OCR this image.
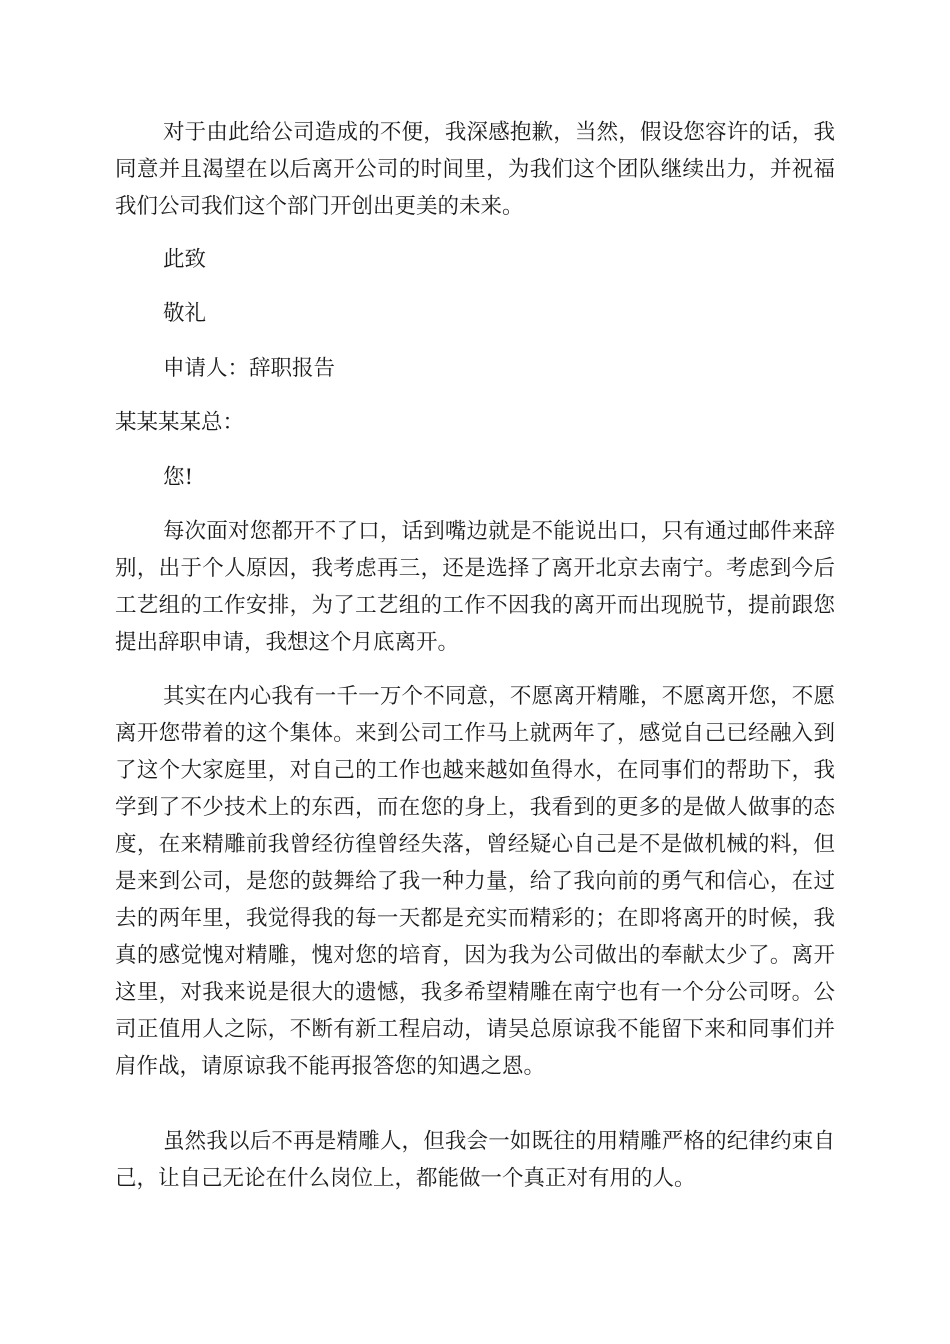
对于由此给公司造成的不便，我深感抱歉，当然，假设您容许的话，我同意并且渴望在以后离开公司的时间里，为我们这个团队继续出力，并祝福我们公司我们这个部门开创出更美的未来。

此致

敬礼

申请人：辞职报告

某某某某总：

您!

每次面对您都开不了口，话到嘴边就是不能说出口，只有通过邮件来辞别，出于个人原因，我考虑再三，还是选择了离开北京去南宁。考虑到今后工艺组的工作安排，为了工艺组的工作不因我的离开而出现脱节，提前跟您提出辞职申请，我想这个月底离开。

其实在内心我有一千一万个不同意，不愿离开精雕，不愿离开您，不愿离开您带着的这个集体。来到公司工作马上就两年了，感觉自己已经融入到了这个大家庭里，对自己的工作也越来越如鱼得水，在同事们的帮助下，我学到了不少技术上的东西，而在您的身上，我看到的更多的是做人做事的态度，在来精雕前我曾经彷徨曾经失落，曾经疑心自己是不是做机械的料，但是来到公司，是您的鼓舞给了我一种力量，给了我向前的勇气和信心，在过去的两年里，我觉得我的每一天都是充实而精彩的；在即将离开的时候，我真的感觉愧对精雕，愧对您的培育，因为我为公司做出的奉献太少了。离开这里，对我来说是很大的遗憾，我多希望精雕在南宁也有一个分公司呀。公司正值用人之际，不断有新工程启动，请吴总原谅我不能留下来和同事们并肩作战，请原谅我不能再报答您的知遇之恩。

虽然我以后不再是精雕人，但我会一如既往的用精雕严格的纪律约束自己，让自己无论在什么岗位上，都能做一个真正对有用的人。
